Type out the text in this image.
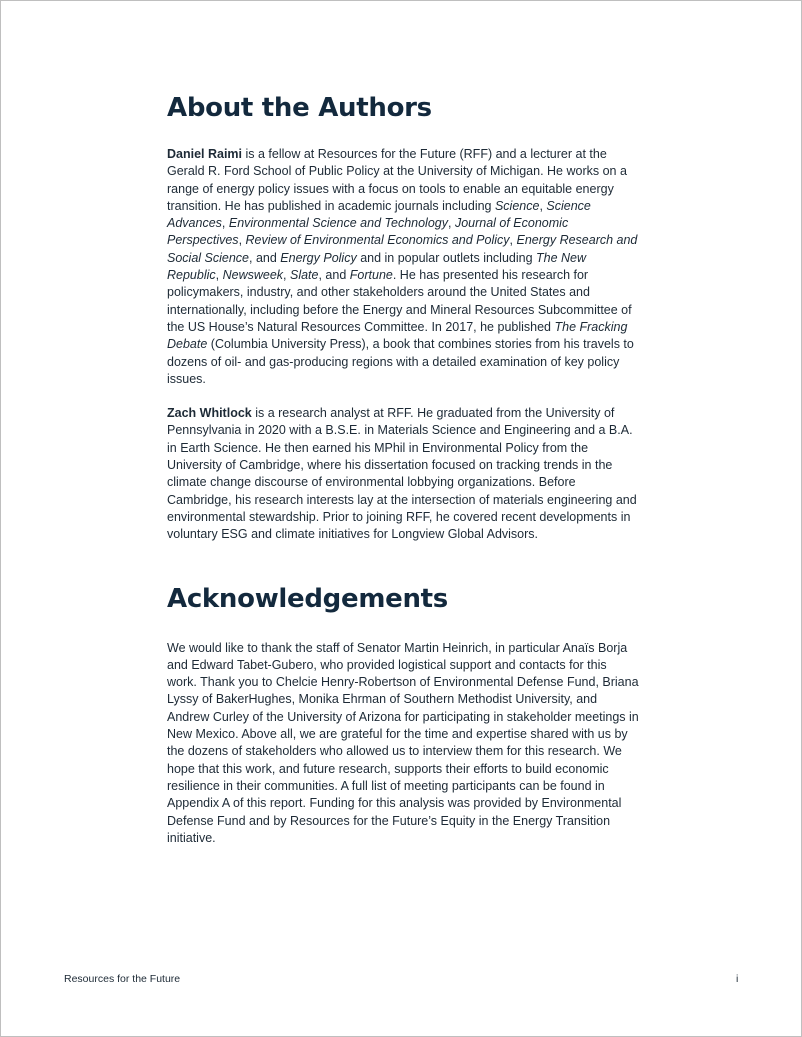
About the Authors

Daniel Raimi is a fellow at Resources for the Future (RFF) and a lecturer at the Gerald R. Ford School of Public Policy at the University of Michigan. He works on a range of energy policy issues with a focus on tools to enable an equitable energy transition. He has published in academic journals including Science, Science Advances, Environmental Science and Technology, Journal of Economic Perspectives, Review of Environmental Economics and Policy, Energy Research and Social Science, and Energy Policy and in popular outlets including The New Republic, Newsweek, Slate, and Fortune. He has presented his research for policymakers, industry, and other stakeholders around the United States and internationally, including before the Energy and Mineral Resources Subcommittee of the US House’s Natural Resources Committee. In 2017, he published The Fracking Debate (Columbia University Press), a book that combines stories from his travels to dozens of oil- and gas-producing regions with a detailed examination of key policy issues.

Zach Whitlock is a research analyst at RFF. He graduated from the University of Pennsylvania in 2020 with a B.S.E. in Materials Science and Engineering and a B.A. in Earth Science. He then earned his MPhil in Environmental Policy from the University of Cambridge, where his dissertation focused on tracking trends in the climate change discourse of environmental lobbying organizations. Before Cambridge, his research interests lay at the intersection of materials engineering and environmental stewardship. Prior to joining RFF, he covered recent developments in voluntary ESG and climate initiatives for Longview Global Advisors.

Acknowledgements

We would like to thank the staff of Senator Martin Heinrich, in particular Anaïs Borja and Edward Tabet-Gubero, who provided logistical support and contacts for this work. Thank you to Chelcie Henry-Robertson of Environmental Defense Fund, Briana Lyssy of BakerHughes, Monika Ehrman of Southern Methodist University, and Andrew Curley of the University of Arizona for participating in stakeholder meetings in New Mexico. Above all, we are grateful for the time and expertise shared with us by the dozens of stakeholders who allowed us to interview them for this research. We hope that this work, and future research, supports their efforts to build economic resilience in their communities. A full list of meeting participants can be found in Appendix A of this report. Funding for this analysis was provided by Environmental Defense Fund and by Resources for the Future’s Equity in the Energy Transition initiative.

Resources for the Future	i
